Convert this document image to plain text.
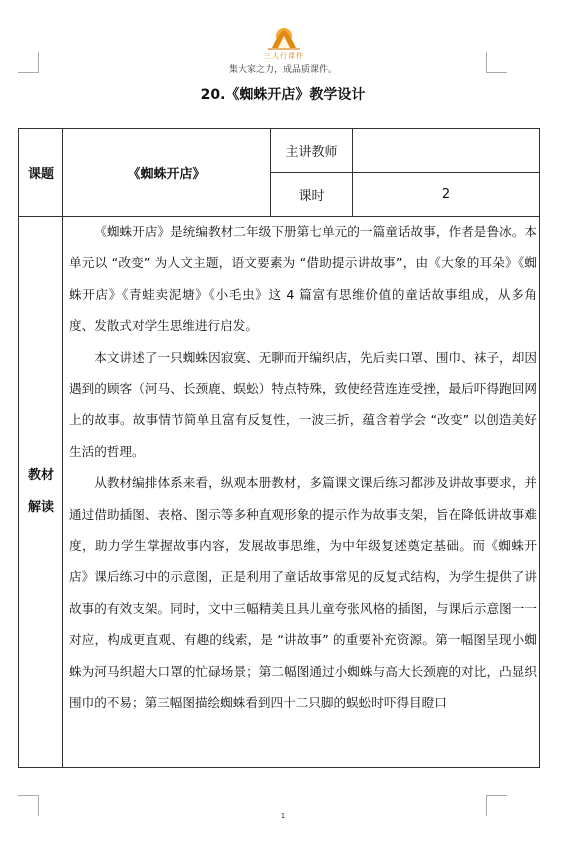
三人行课件
集大家之力，成品质课件。
20.《蜘蛛开店》教学设计
课题	《蜘蛛开店》
主讲教师
课时	2
教材
解读

《蜘蛛开店》是统编教材二年级下册第七单元的一篇童话故事，作者是鲁冰。本单元以 “改变” 为人文主题，语文要素为 “借助提示讲故事”，由《大象的耳朵》《蜘蛛开店》《青蛙卖泥塘》《小毛虫》这 4 篇富有思维价值的童话故事组成，从多角度、发散式对学生思维进行启发。

本文讲述了一只蜘蛛因寂寞、无聊而开编织店，先后卖口罩、围巾、袜子，却因遇到的顾客（河马、长颈鹿、蜈蚣）特点特殊，致使经营连连受挫，最后吓得跑回网上的故事。故事情节简单且富有反复性，一波三折，蕴含着学会 “改变” 以创造美好生活的哲理。

从教材编排体系来看，纵观本册教材，多篇课文课后练习都涉及讲故事要求，并通过借助插图、表格、图示等多种直观形象的提示作为故事支架，旨在降低讲故事难度，助力学生掌握故事内容，发展故事思维，为中年级复述奠定基础。而《蜘蛛开店》课后练习中的示意图，正是利用了童话故事常见的反复式结构，为学生提供了讲故事的有效支架。同时，文中三幅精美且具儿童夸张风格的插图，与课后示意图一一对应，构成更直观、有趣的线索，是 “讲故事” 的重要补充资源。第一幅图呈现小蜘蛛为河马织超大口罩的忙碌场景；第二幅图通过小蜘蛛与高大长颈鹿的对比，凸显织围巾的不易；第三幅图描绘蜘蛛看到四十二只脚的蜈蚣时吓得目瞪口

1
